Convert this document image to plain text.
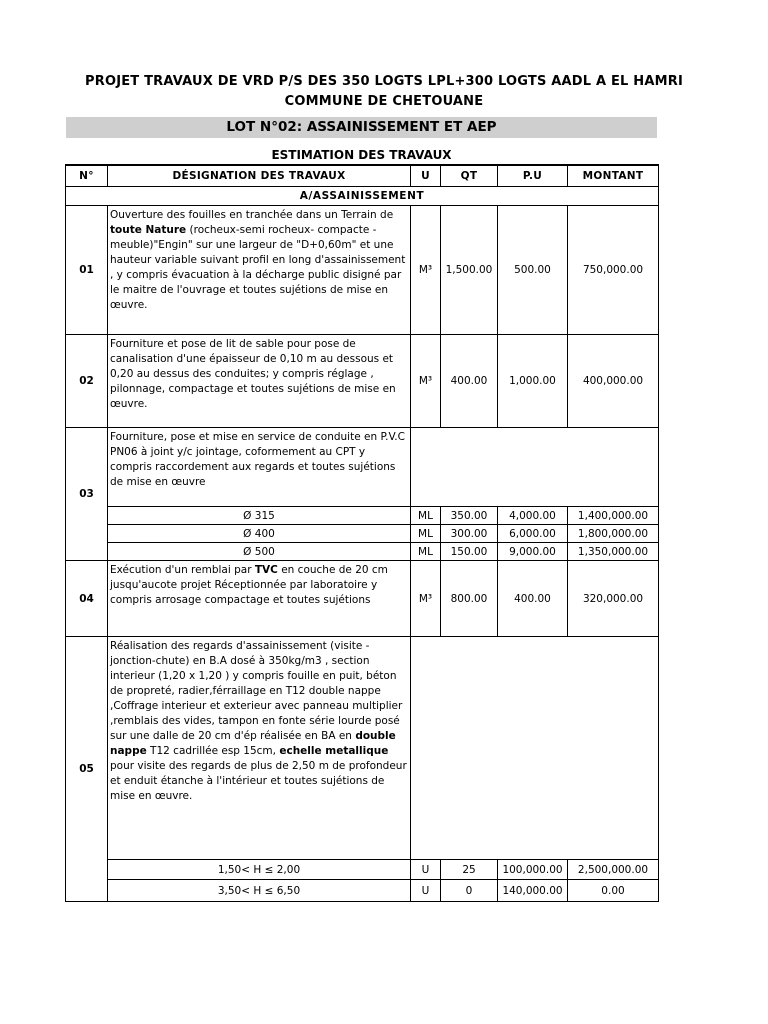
PROJET TRAVAUX DE VRD P/S DES 350 LOGTS LPL+300 LOGTS AADL A EL HAMRI
COMMUNE DE CHETOUANE
LOT N°02: ASSAINISSEMENT ET AEP
ESTIMATION DES TRAVAUX
N°	DÉSIGNATION DES TRAVAUX	U	QT	P.U	MONTANT
A/ASSAINISSEMENT					
01	Ouverture des fouilles en tranchée dans un Terrain de toute Nature (rocheux-semi rocheux- compacte - meuble)"Engin" sur une largeur de "D+0,60m" et une hauteur variable suivant profil en long d'assainissement , y compris évacuation à la décharge public disigné par le maitre de l'ouvrage et toutes sujétions de mise en œuvre.	M³	1,500.00	500.00	750,000.00
02	Fourniture et pose de lit de sable pour pose de canalisation d'une épaisseur de 0,10 m au dessous et 0,20 au dessus des conduites; y compris réglage , pilonnage, compactage et toutes sujétions de mise en œuvre.	M³	400.00	1,000.00	400,000.00
03	Fourniture, pose et mise en service de conduite en P.V.C PN06 à joint y/c jointage, coformement au CPT y compris raccordement aux regards et toutes sujétions de mise en œuvre				
	Ø 315	ML	350.00	4,000.00	1,400,000.00
	Ø 400	ML	300.00	6,000.00	1,800,000.00
	Ø 500	ML	150.00	9,000.00	1,350,000.00
04	Exécution d'un remblai par TVC en couche de 20 cm jusqu'aucote projet Réceptionnée par laboratoire y compris arrosage compactage et toutes sujétions	M³	800.00	400.00	320,000.00
05	Réalisation des regards d'assainissement (visite - jonction-chute) en B.A dosé à 350kg/m3 , section interieur (1,20 x 1,20 ) y compris fouille en puit, béton de propreté, radier,férraillage en T12 double nappe ,Coffrage interieur et exterieur avec panneau multiplier ,remblais des vides, tampon en fonte série lourde posé sur une dalle de 20 cm d'ép réalisée en BA en double nappe T12 cadrillée esp 15cm, echelle metallique pour visite des regards de plus de 2,50 m de profondeur et enduit étanche à l'intérieur et toutes sujétions de mise en œuvre.				
	1,50< H ≤ 2,00	U	25	100,000.00	2,500,000.00
	3,50< H ≤ 6,50	U	0	140,000.00	0.00
